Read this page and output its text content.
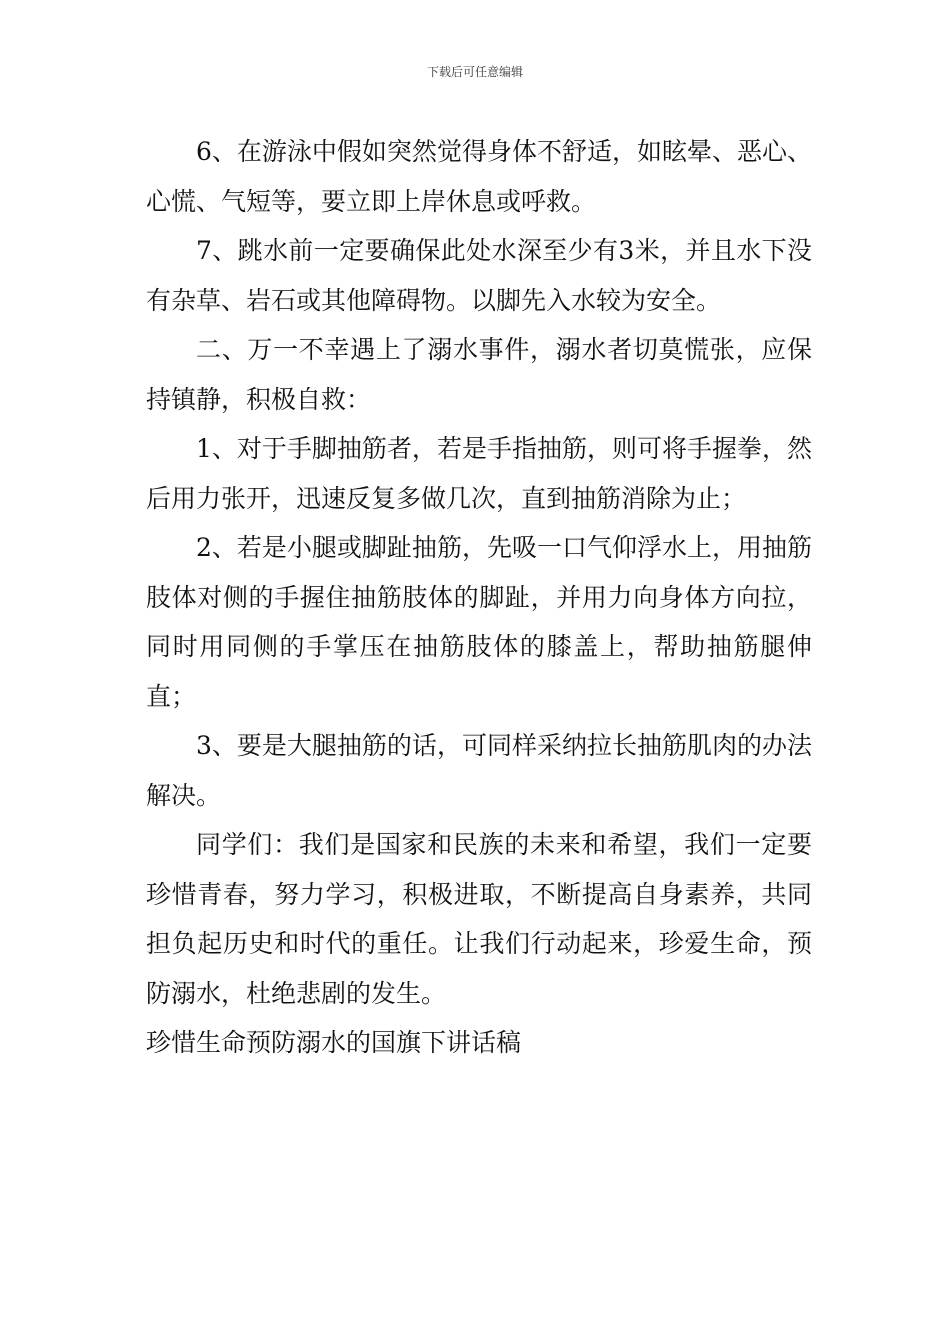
下载后可任意编辑

6、在游泳中假如突然觉得身体不舒适，如眩晕、恶心、心慌、气短等，要立即上岸休息或呼救。

7、跳水前一定要确保此处水深至少有3米，并且水下没有杂草、岩石或其他障碍物。以脚先入水较为安全。

二、万一不幸遇上了溺水事件，溺水者切莫慌张，应保持镇静，积极自救：

1、对于手脚抽筋者，若是手指抽筋，则可将手握拳，然后用力张开，迅速反复多做几次，直到抽筋消除为止；

2、若是小腿或脚趾抽筋，先吸一口气仰浮水上，用抽筋肢体对侧的手握住抽筋肢体的脚趾，并用力向身体方向拉，同时用同侧的手掌压在抽筋肢体的膝盖上，帮助抽筋腿伸直；

3、要是大腿抽筋的话，可同样采纳拉长抽筋肌肉的办法解决。

同学们：我们是国家和民族的未来和希望，我们一定要珍惜青春，努力学习，积极进取，不断提高自身素养，共同担负起历史和时代的重任。让我们行动起来，珍爱生命，预防溺水，杜绝悲剧的发生。

珍惜生命预防溺水的国旗下讲话稿
